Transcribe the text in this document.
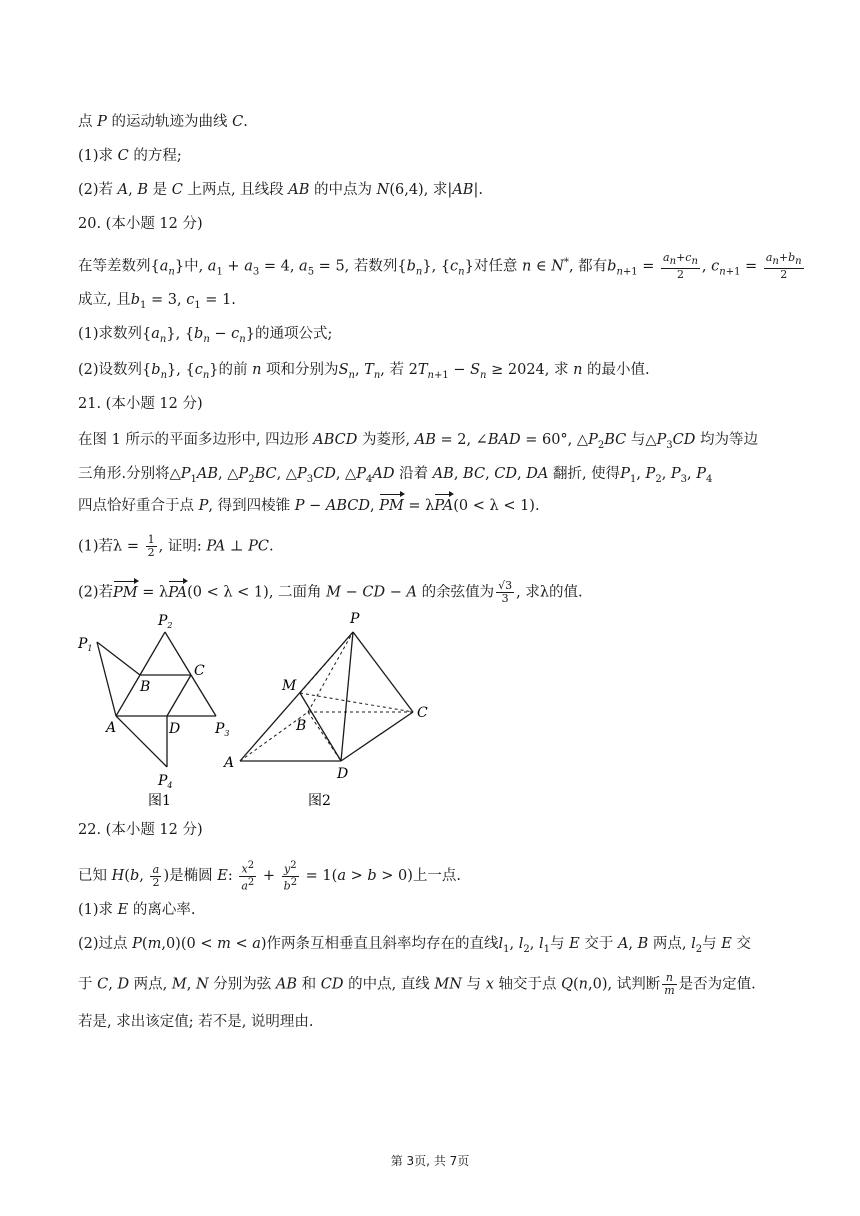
点 P 的运动轨迹为曲线 C.
(1)求 C 的方程;
(2)若 A, B 是 C 上两点, 且线段 AB 的中点为 N(6,4), 求|AB|.
20. (本小题 12 分)
在等差数列$\{a_n\}$中, $a_1 + a_3 = 4$, $a_5 = 5$, 若数列$\{b_n\}$, $\{c_n\}$对任意 n ∈ N*, 都有$b_{n+1} = \frac{a_n+c_n}{2}$ , $c_{n+1} = \frac{a_n+b_n}{2}$
成立, 且$b_1 = 3$, $c_1 = 1$.
(1)求数列$\{a_n\}$, $\{b_n - c_n\}$的通项公式;
(2)设数列$\{b_n\}$, $\{c_n\}$的前 n 项和分别为$S_n$, $T_n$, 若 $2T_{n+1} - S_n \ge 2024$, 求 n 的最小值.
21. (本小题 12 分)
在图 1 所示的平面多边形中, 四边形 ABCD 为菱形, AB = 2, ∠BAD = 60°, $\triangle P_2BC$ 与$\triangle P_3CD$ 均为等边
三角形.分别将$\triangle P_1AB$, $\triangle P_2BC$, $\triangle P_3CD$, $\triangle P_4AD$ 沿着 AB, BC, CD, DA 翻折, 使得$P_1$, $P_2$, $P_3$, $P_4$
四点恰好重合于点 P, 得到四棱锥 P − ABCD, PM = λPA(0 < λ < 1).
(1)若$\lambda = \frac{1}{2}$ , 证明: PA ⊥ PC.
(2)若PM = λPA(0 < λ < 1), 二面角 M − CD − A 的余弦值为 $\frac{√3}{3}$ , 求λ的值.
$P_1$
$P_2$
$P_3$
$P_4$
A
B
C
D
图1
P
M
B
C
D
A
图2
22. (本小题 12 分)
已知 H(b, $\frac{a}{2}$ )是椭圆 E: $\frac{x^2}{a^2} + \frac{y^2}{b^2} = 1(a > b > 0)$上一点.
(1)求 E 的离心率.
(2)过点 P(m,0)(0 < m < a)作两条互相垂直且斜率均存在的直线$l_1$, $l_2$, $l_1$与 E 交于 A, B 两点, $l_2$与 E 交
于 C, D 两点, M, N 分别为弦 AB 和 CD 的中点, 直线 MN 与 x 轴交于点 Q(n,0), 试判断 $\frac{n}{m}$ 是否为定值.
若是, 求出该定值; 若不是, 说明理由.
第 3页, 共 7页
